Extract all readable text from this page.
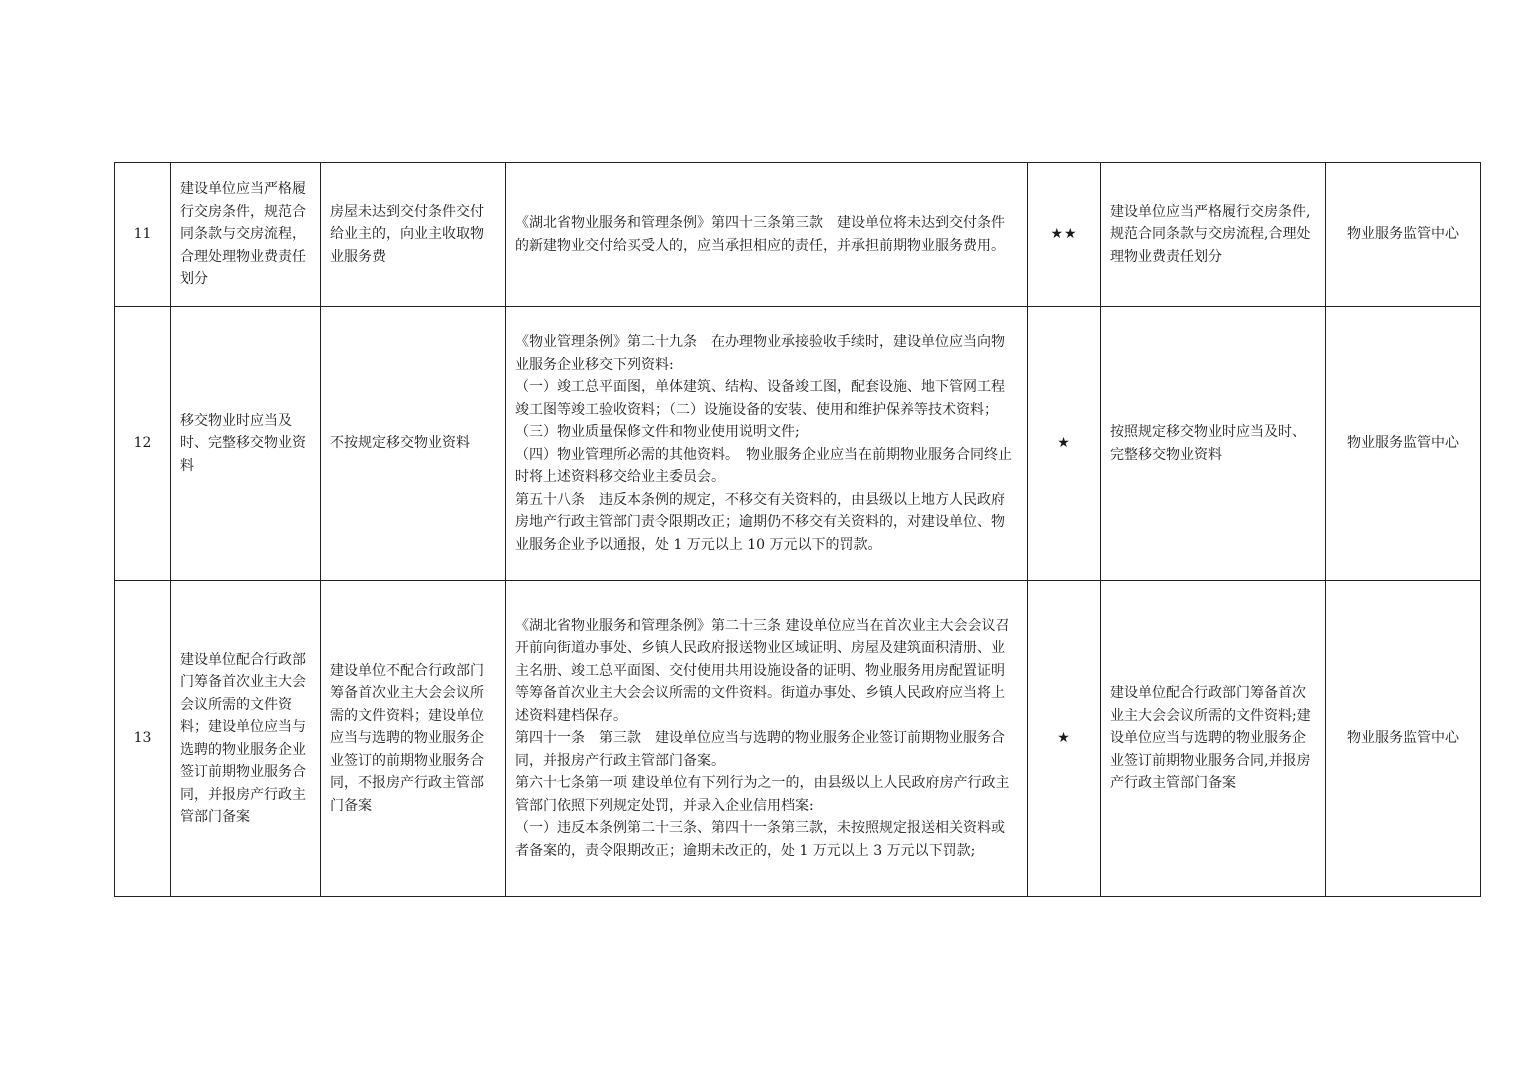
11	建设单位应当严格履行交房条件，规范合同条款与交房流程，合理处理物业费责任划分	房屋未达到交付条件交付给业主的，向业主收取物业服务费	《湖北省物业服务和管理条例》第四十三条第三款　建设单位将未达到交付条件的新建物业交付给买受人的，应当承担相应的责任，并承担前期物业服务费用。	★★	建设单位应当严格履行交房条件,规范合同条款与交房流程,合理处理物业费责任划分	物业服务监管中心
12	移交物业时应当及时、完整移交物业资料	不按规定移交物业资料	《物业管理条例》第二十九条　在办理物业承接验收手续时，建设单位应当向物业服务企业移交下列资料:
（一）竣工总平面图，单体建筑、结构、设备竣工图，配套设施、地下管网工程竣工图等竣工验收资料；（二）设施设备的安装、使用和维护保养等技术资料；（三）物业质量保修文件和物业使用说明文件;
（四）物业管理所必需的其他资料。　物业服务企业应当在前期物业服务合同终止时将上述资料移交给业主委员会。
第五十八条　违反本条例的规定，不移交有关资料的，由县级以上地方人民政府房地产行政主管部门责令限期改正；逾期仍不移交有关资料的，对建设单位、物业服务企业予以通报，处 1 万元以上 10 万元以下的罚款。	★	按照规定移交物业时应当及时、完整移交物业资料	物业服务监管中心
13	建设单位配合行政部门筹备首次业主大会会议所需的文件资料；建设单位应当与选聘的物业服务企业签订前期物业服务合同，并报房产行政主管部门备案	建设单位不配合行政部门筹备首次业主大会会议所需的文件资料；建设单位应当与选聘的物业服务企业签订的前期物业服务合同，不报房产行政主管部门备案	《湖北省物业服务和管理条例》第二十三条 建设单位应当在首次业主大会会议召开前向街道办事处、乡镇人民政府报送物业区域证明、房屋及建筑面积清册、业主名册、竣工总平面图、交付使用共用设施设备的证明、物业服务用房配置证明等筹备首次业主大会会议所需的文件资料。街道办事处、乡镇人民政府应当将上述资料建档保存。
第四十一条　第三款　建设单位应当与选聘的物业服务企业签订前期物业服务合同，并报房产行政主管部门备案。
第六十七条第一项 建设单位有下列行为之一的，由县级以上人民政府房产行政主管部门依照下列规定处罚，并录入企业信用档案:
（一）违反本条例第二十三条、第四十一条第三款，未按照规定报送相关资料或者备案的，责令限期改正；逾期未改正的，处 1 万元以上 3 万元以下罚款;	★	建设单位配合行政部门筹备首次业主大会会议所需的文件资料;建设单位应当与选聘的物业服务企业签订前期物业服务合同,并报房产行政主管部门备案	物业服务监管中心
